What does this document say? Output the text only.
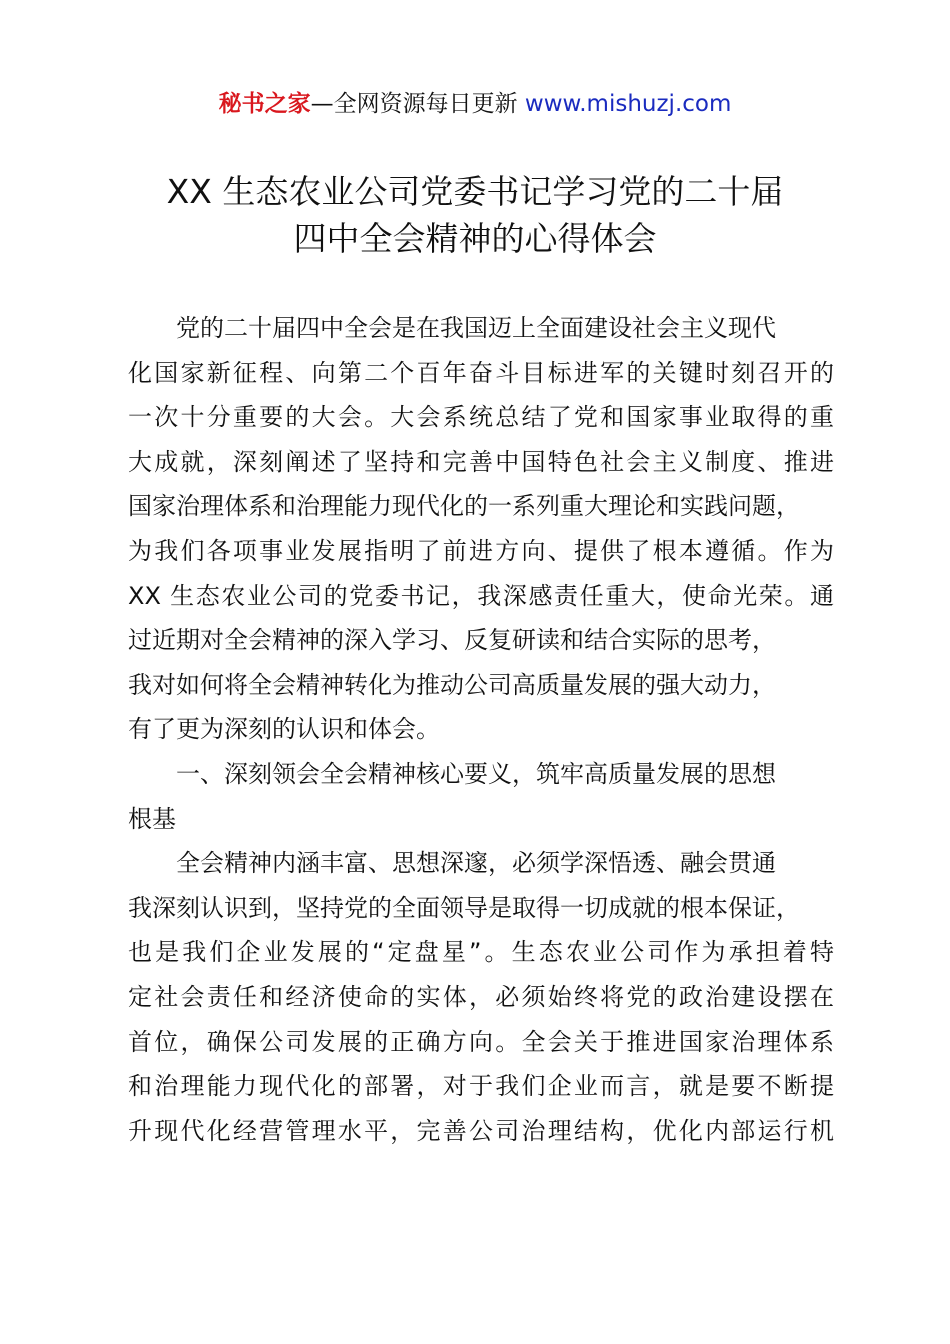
秘书之家—全网资源每日更新 www.mishuzj.com
XX 生态农业公司党委书记学习党的二十届
四中全会精神的心得体会
党的二十届四中全会是在我国迈上全面建设社会主义现代
化国家新征程、向第二个百年奋斗目标进军的关键时刻召开的
一次十分重要的大会。大会系统总结了党和国家事业取得的重
大成就，深刻阐述了坚持和完善中国特色社会主义制度、推进
国家治理体系和治理能力现代化的一系列重大理论和实践问题，
为我们各项事业发展指明了前进方向、提供了根本遵循。作为
XX 生态农业公司的党委书记，我深感责任重大，使命光荣。通
过近期对全会精神的深入学习、反复研读和结合实际的思考，
我对如何将全会精神转化为推动公司高质量发展的强大动力，
有了更为深刻的认识和体会。
一、深刻领会全会精神核心要义，筑牢高质量发展的思想
根基
全会精神内涵丰富、思想深邃，必须学深悟透、融会贯通
我深刻认识到，坚持党的全面领导是取得一切成就的根本保证，
也是我们企业发展的“定盘星”。生态农业公司作为承担着特
定社会责任和经济使命的实体，必须始终将党的政治建设摆在
首位，确保公司发展的正确方向。全会关于推进国家治理体系
和治理能力现代化的部署，对于我们企业而言，就是要不断提
升现代化经营管理水平，完善公司治理结构，优化内部运行机
